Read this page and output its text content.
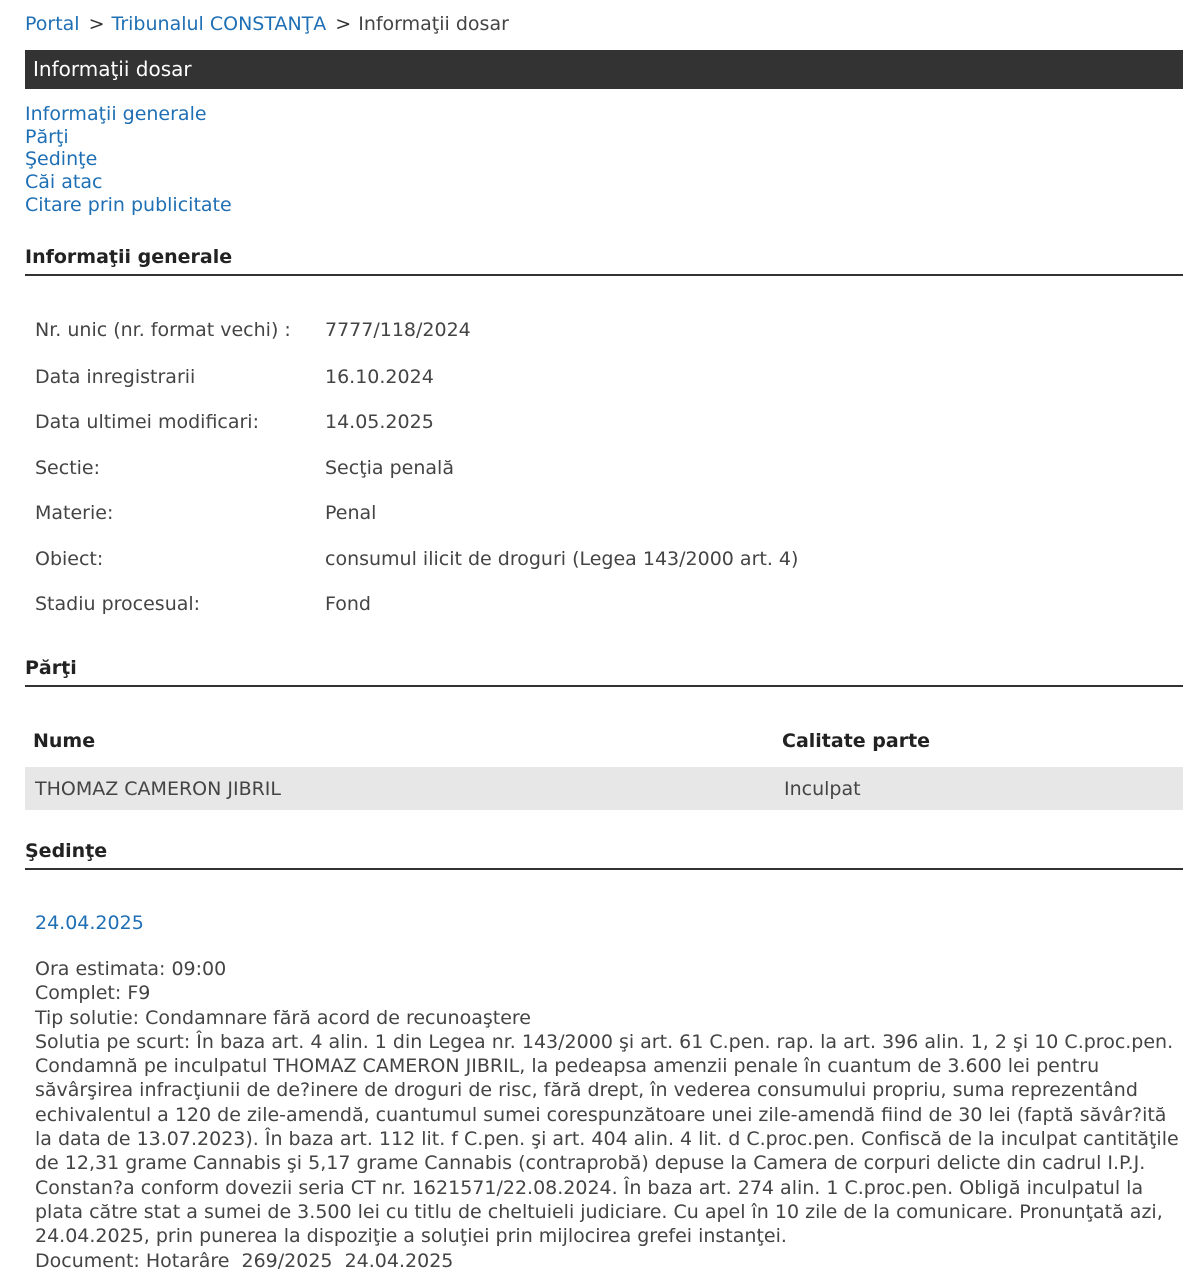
Portal > Tribunalul CONSTANŢA > Informaţii dosar
Informaţii dosar
Informaţii generale
Părţi
Şedinţe
Căi atac
Citare prin publicitate
Informaţii generale
Nr. unic (nr. format vechi) : 7777/118/2024
Data inregistrarii	16.10.2024
Data ultimei modificari:	14.05.2025
Sectie:	Secţia penală
Materie:	Penal
Obiect:	consumul ilicit de droguri (Legea 143/2000 art. 4)
Stadiu procesual:	Fond
Părţi
Nume	Calitate parte
THOMAZ CAMERON JIBRIL	Inculpat
Şedinţe
24.04.2025
Ora estimata: 09:00
Complet: F9
Tip solutie: Condamnare fără acord de recunoaştere
Solutia pe scurt: În baza art. 4 alin. 1 din Legea nr. 143/2000 şi art. 61 C.pen. rap. la art. 396 alin. 1, 2 şi 10 C.proc.pen. Condamnă pe inculpatul THOMAZ CAMERON JIBRIL, la pedeapsa amenzii penale în cuantum de 3.600 lei pentru săvârşirea infracţiunii de de?inere de droguri de risc, fără drept, în vederea consumului propriu, suma reprezentând echivalentul a 120 de zile-amendă, cuantumul sumei corespunzătoare unei zile-amendă fiind de 30 lei (faptă săvâr?ită la data de 13.07.2023). În baza art. 112 lit. f C.pen. şi art. 404 alin. 4 lit. d C.proc.pen. Confiscă de la inculpat cantităţile de 12,31 grame Cannabis şi 5,17 grame Cannabis (contraprobă) depuse la Camera de corpuri delicte din cadrul I.P.J. Constan?a conform dovezii seria CT nr. 1621571/22.08.2024. În baza art. 274 alin. 1 C.proc.pen. Obligă inculpatul la plata către stat a sumei de 3.500 lei cu titlu de cheltuieli judiciare. Cu apel în 10 zile de la comunicare. Pronunţată azi, 24.04.2025, prin punerea la dispoziţie a soluţiei prin mijlocirea grefei instanţei.
Document: Hotarâre  269/2025  24.04.2025
